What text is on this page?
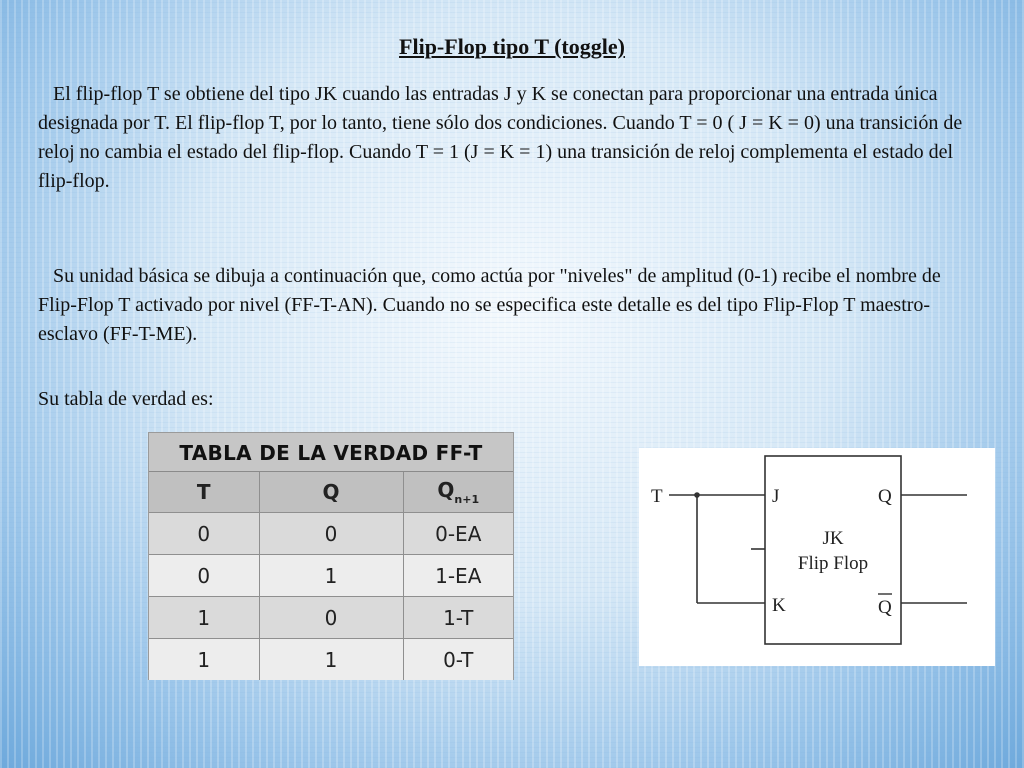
Flip-Flop tipo T (toggle)

El flip-flop T se obtiene del tipo JK cuando las entradas J y K se conectan para proporcionar una entrada única designada por T. El flip-flop T, por lo tanto, tiene sólo dos condiciones. Cuando T = 0 ( J = K = 0) una transición de reloj no cambia el estado del flip-flop. Cuando T = 1 (J = K = 1) una transición de reloj complementa el estado del flip-flop.

Su unidad básica se dibuja a continuación que, como actúa por "niveles" de amplitud (0-1) recibe el nombre de Flip-Flop T activado por nivel (FF-T-AN). Cuando no se especifica este detalle es del tipo Flip-Flop T maestro-esclavo (FF-T-ME).

Su tabla de verdad es:

TABLA DE LA VERDAD FF-T
T	Q	$Q_{n+1}$
0	0	0-EA
0	1	1-EA
1	0	1-T
1	1	0-T
T	J
K
Q
Q
JK
Flip Flop
